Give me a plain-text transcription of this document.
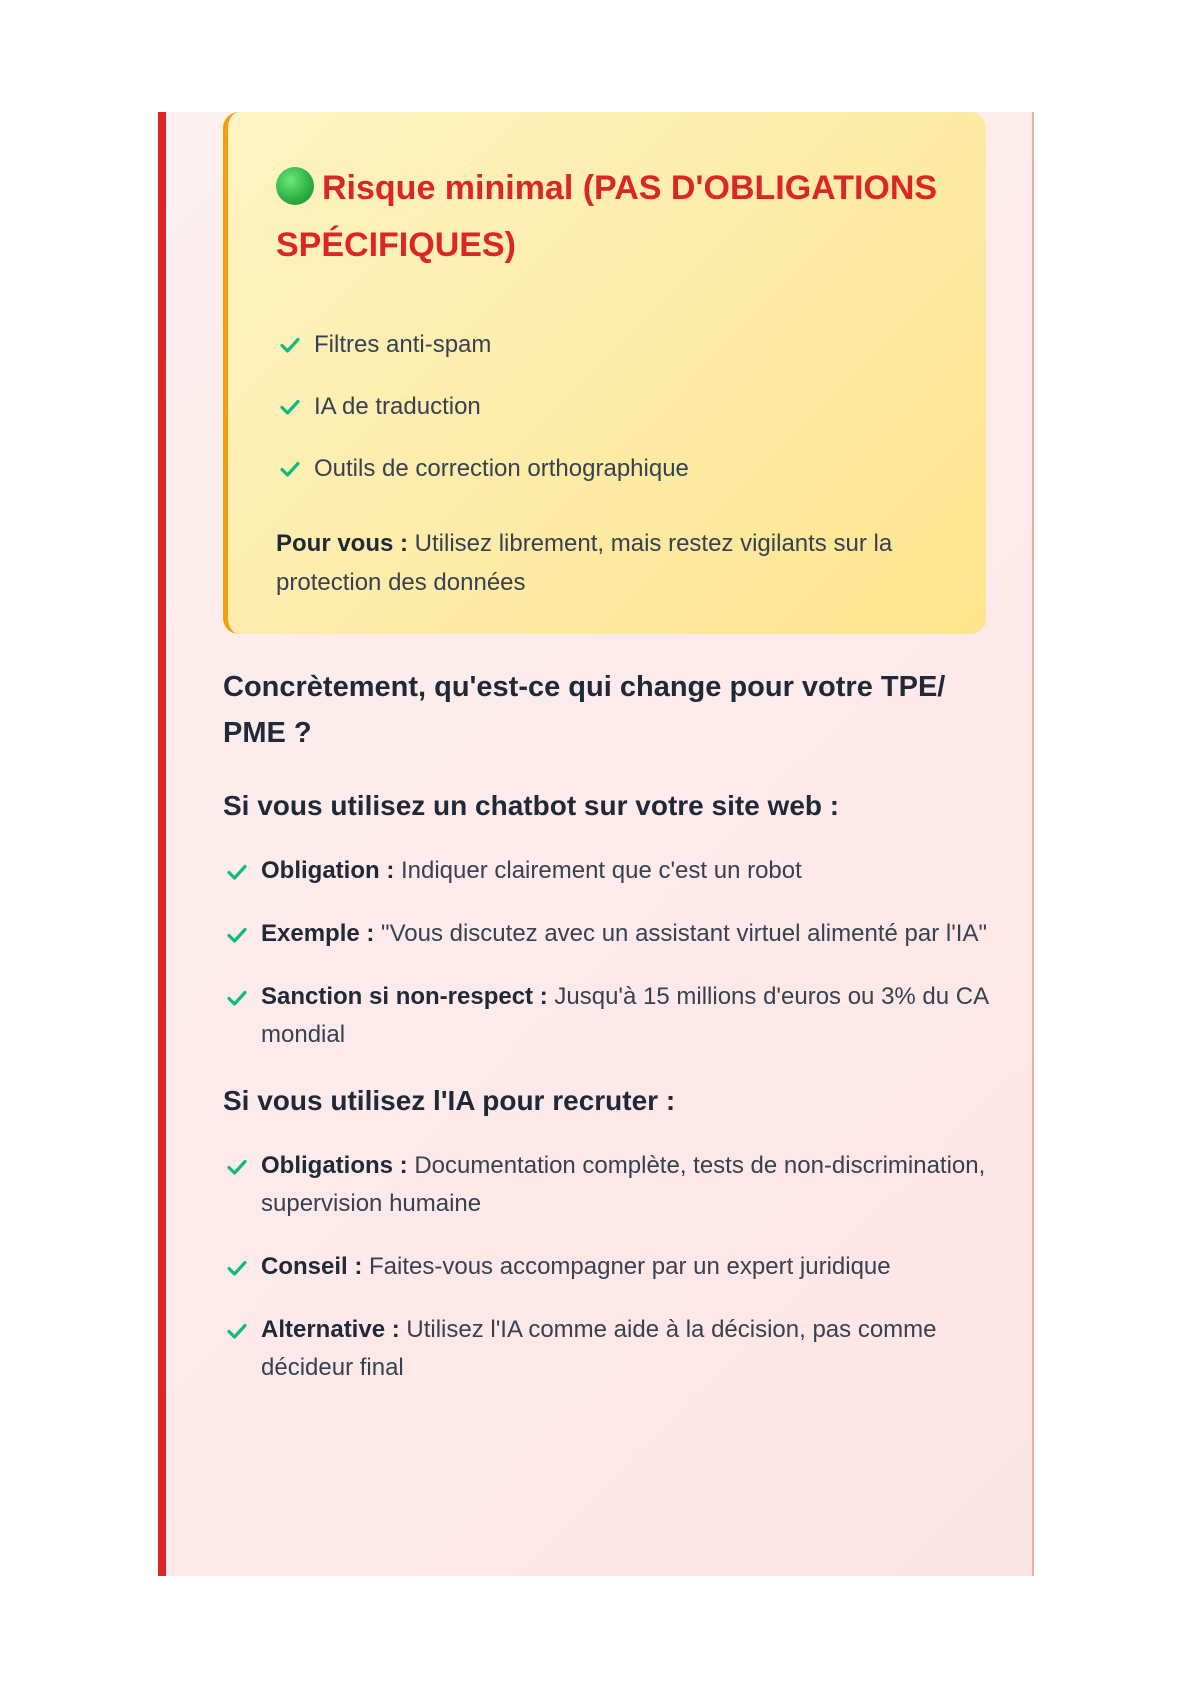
Risque minimal (PAS D'OBLIGATIONS SPÉCIFIQUES)
Filtres anti-spam
IA de traduction
Outils de correction orthographique

Pour vous : Utilisez librement, mais restez vigilants sur la protection des données

Concrètement, qu'est-ce qui change pour votre TPE/ PME ?
Si vous utilisez un chatbot sur votre site web :
Obligation : Indiquer clairement que c'est un robot
Exemple : "Vous discutez avec un assistant virtuel alimenté par l'IA"
Sanction si non-respect : Jusqu'à 15 millions d'euros ou 3% du CA mondial
Si vous utilisez l'IA pour recruter :
Obligations : Documentation complète, tests de non-discrimination, supervision humaine
Conseil : Faites-vous accompagner par un expert juridique
Alternative : Utilisez l'IA comme aide à la décision, pas comme décideur final
